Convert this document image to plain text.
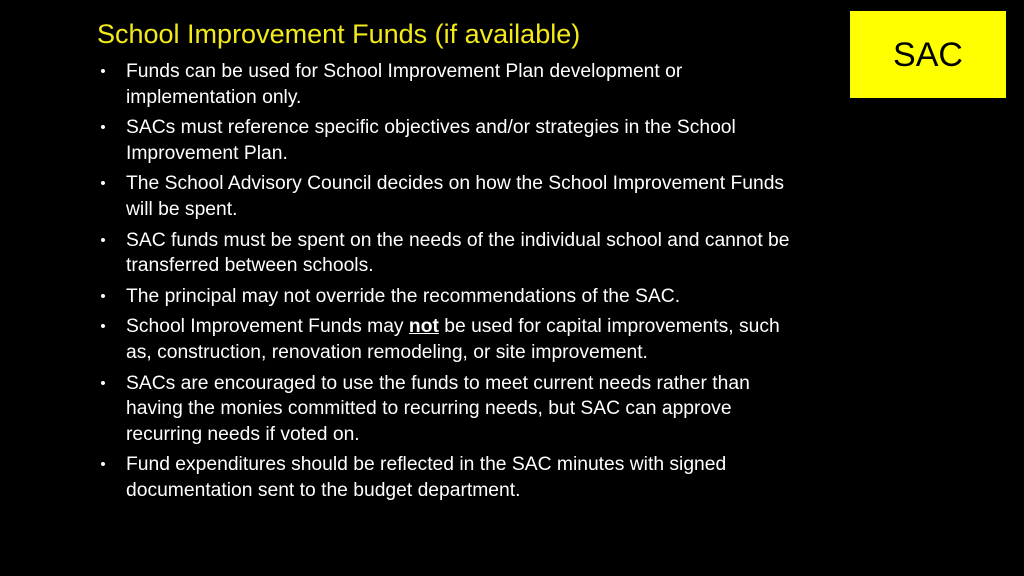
School Improvement Funds (if available)
SAC
• Funds can be used for School Improvement Plan development or implementation only.
• SACs must reference specific objectives and/or strategies in the School Improvement Plan.
• The School Advisory Council decides on how the School Improvement Funds will be spent.
• SAC funds must be spent on the needs of the individual school and cannot be transferred between schools.
• The principal may not override the recommendations of the SAC.
• School Improvement Funds may not be used for capital improvements, such as, construction, renovation remodeling, or site improvement.
• SACs are encouraged to use the funds to meet current needs rather than having the monies committed to recurring needs, but SAC can approve recurring needs if voted on.
• Fund expenditures should be reflected in the SAC minutes with signed documentation sent to the budget department.
